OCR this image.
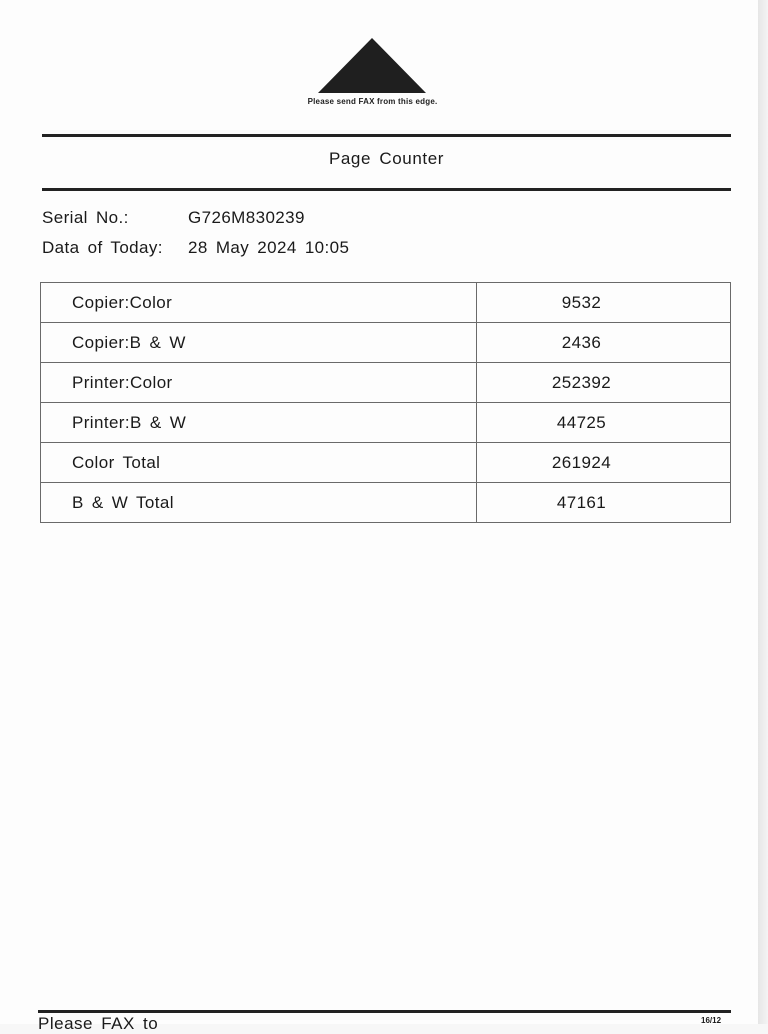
Please send FAX from this edge.
Page Counter
Serial No.:	G726M830239
Data of Today: 28 May 2024 10:05
Copier:Color	9532
Copier:B & W	2436
Printer:Color	252392
Printer:B & W	44725
Color Total	261924
B & W Total	47161
Please FAX to	16/12
